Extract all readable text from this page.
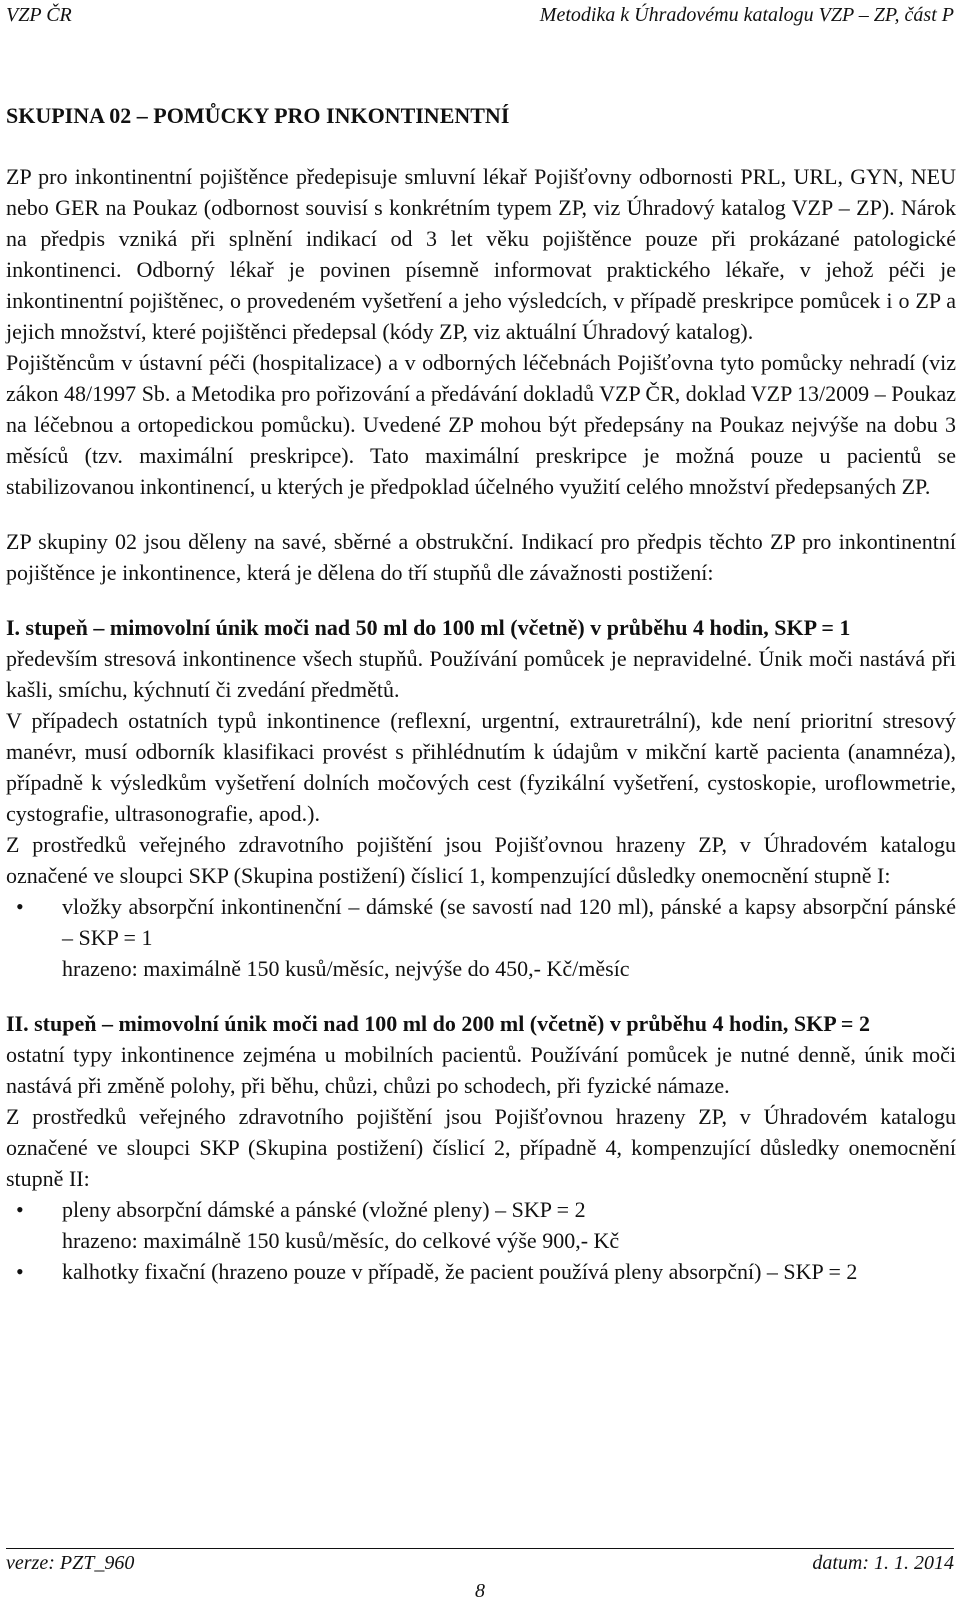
VZP ČR	Metodika k Úhradovému katalogu VZP – ZP, část P
SKUPINA 02 – POMŮCKY PRO INKONTINENTNÍ

ZP pro inkontinentní pojištěnce předepisuje smluvní lékař Pojišťovny odbornosti PRL, URL, GYN, NEU nebo GER na Poukaz (odbornost souvisí s konkrétním typem ZP, viz Úhradový katalog VZP – ZP). Nárok na předpis vzniká při splnění indikací od 3 let věku pojištěnce pouze při prokázané patologické inkontinenci. Odborný lékař je povinen písemně informovat praktického lékaře, v jehož péči je inkontinentní pojištěnec, o provedeném vyšetření a jeho výsledcích, v případě preskripce pomůcek i o ZP a jejich množství, které pojištěnci předepsal (kódy ZP, viz aktuální Úhradový katalog).

Pojištěncům v ústavní péči (hospitalizace) a v odborných léčebnách Pojišťovna tyto pomůcky nehradí (viz zákon 48/1997 Sb. a Metodika pro pořizování a předávání dokladů VZP ČR, doklad VZP 13/2009 – Poukaz na léčebnou a ortopedickou pomůcku). Uvedené ZP mohou být předepsány na Poukaz nejvýše na dobu 3 měsíců (tzv. maximální preskripce). Tato maximální preskripce je možná pouze u pacientů se stabilizovanou inkontinencí, u kterých je předpoklad účelného využití celého množství předepsaných ZP.

ZP skupiny 02 jsou děleny na savé, sběrné a obstrukční. Indikací pro předpis těchto ZP pro inkontinentní pojištěnce je inkontinence, která je dělena do tří stupňů dle závažnosti postižení:

I. stupeň – mimovolní únik moči nad 50 ml do 100 ml (včetně) v průběhu 4 hodin, SKP = 1

především stresová inkontinence všech stupňů. Používání pomůcek je nepravidelné. Únik moči nastává při kašli, smíchu, kýchnutí či zvedání předmětů.

V případech ostatních typů inkontinence (reflexní, urgentní, extrauretrální), kde není prioritní stresový manévr, musí odborník klasifikaci provést s přihlédnutím k údajům v mikční kartě pacienta (anamnéza), případně k výsledkům vyšetření dolních močových cest (fyzikální vyšetření, cystoskopie, uroflowmetrie, cystografie, ultrasonografie, apod.).

Z prostředků veřejného zdravotního pojištění jsou Pojišťovnou hrazeny ZP, v Úhradovém katalogu označené ve sloupci SKP (Skupina postižení) číslicí 1, kompenzující důsledky onemocnění stupně I:

• vložky absorpční inkontinenční – dámské (se savostí nad 120 ml), pánské a kapsy absorpční pánské – SKP = 1
hrazeno: maximálně 150 kusů/měsíc, nejvýše do 450,- Kč/měsíc
II. stupeň – mimovolní únik moči nad 100 ml do 200 ml (včetně) v průběhu 4 hodin, SKP = 2

ostatní typy inkontinence zejména u mobilních pacientů. Používání pomůcek je nutné denně, únik moči nastává při změně polohy, při běhu, chůzi, chůzi po schodech, při fyzické námaze.

Z prostředků veřejného zdravotního pojištění jsou Pojišťovnou hrazeny ZP, v Úhradovém katalogu označené ve sloupci SKP (Skupina postižení) číslicí 2, případně 4, kompenzující důsledky onemocnění stupně II:

• pleny absorpční dámské a pánské (vložné pleny) – SKP = 2
hrazeno: maximálně 150 kusů/měsíc, do celkové výše 900,- Kč
• kalhotky fixační (hrazeno pouze v případě, že pacient používá pleny absorpční) – SKP = 2
verze: PZT_960	datum: 1. 1. 2014
8
